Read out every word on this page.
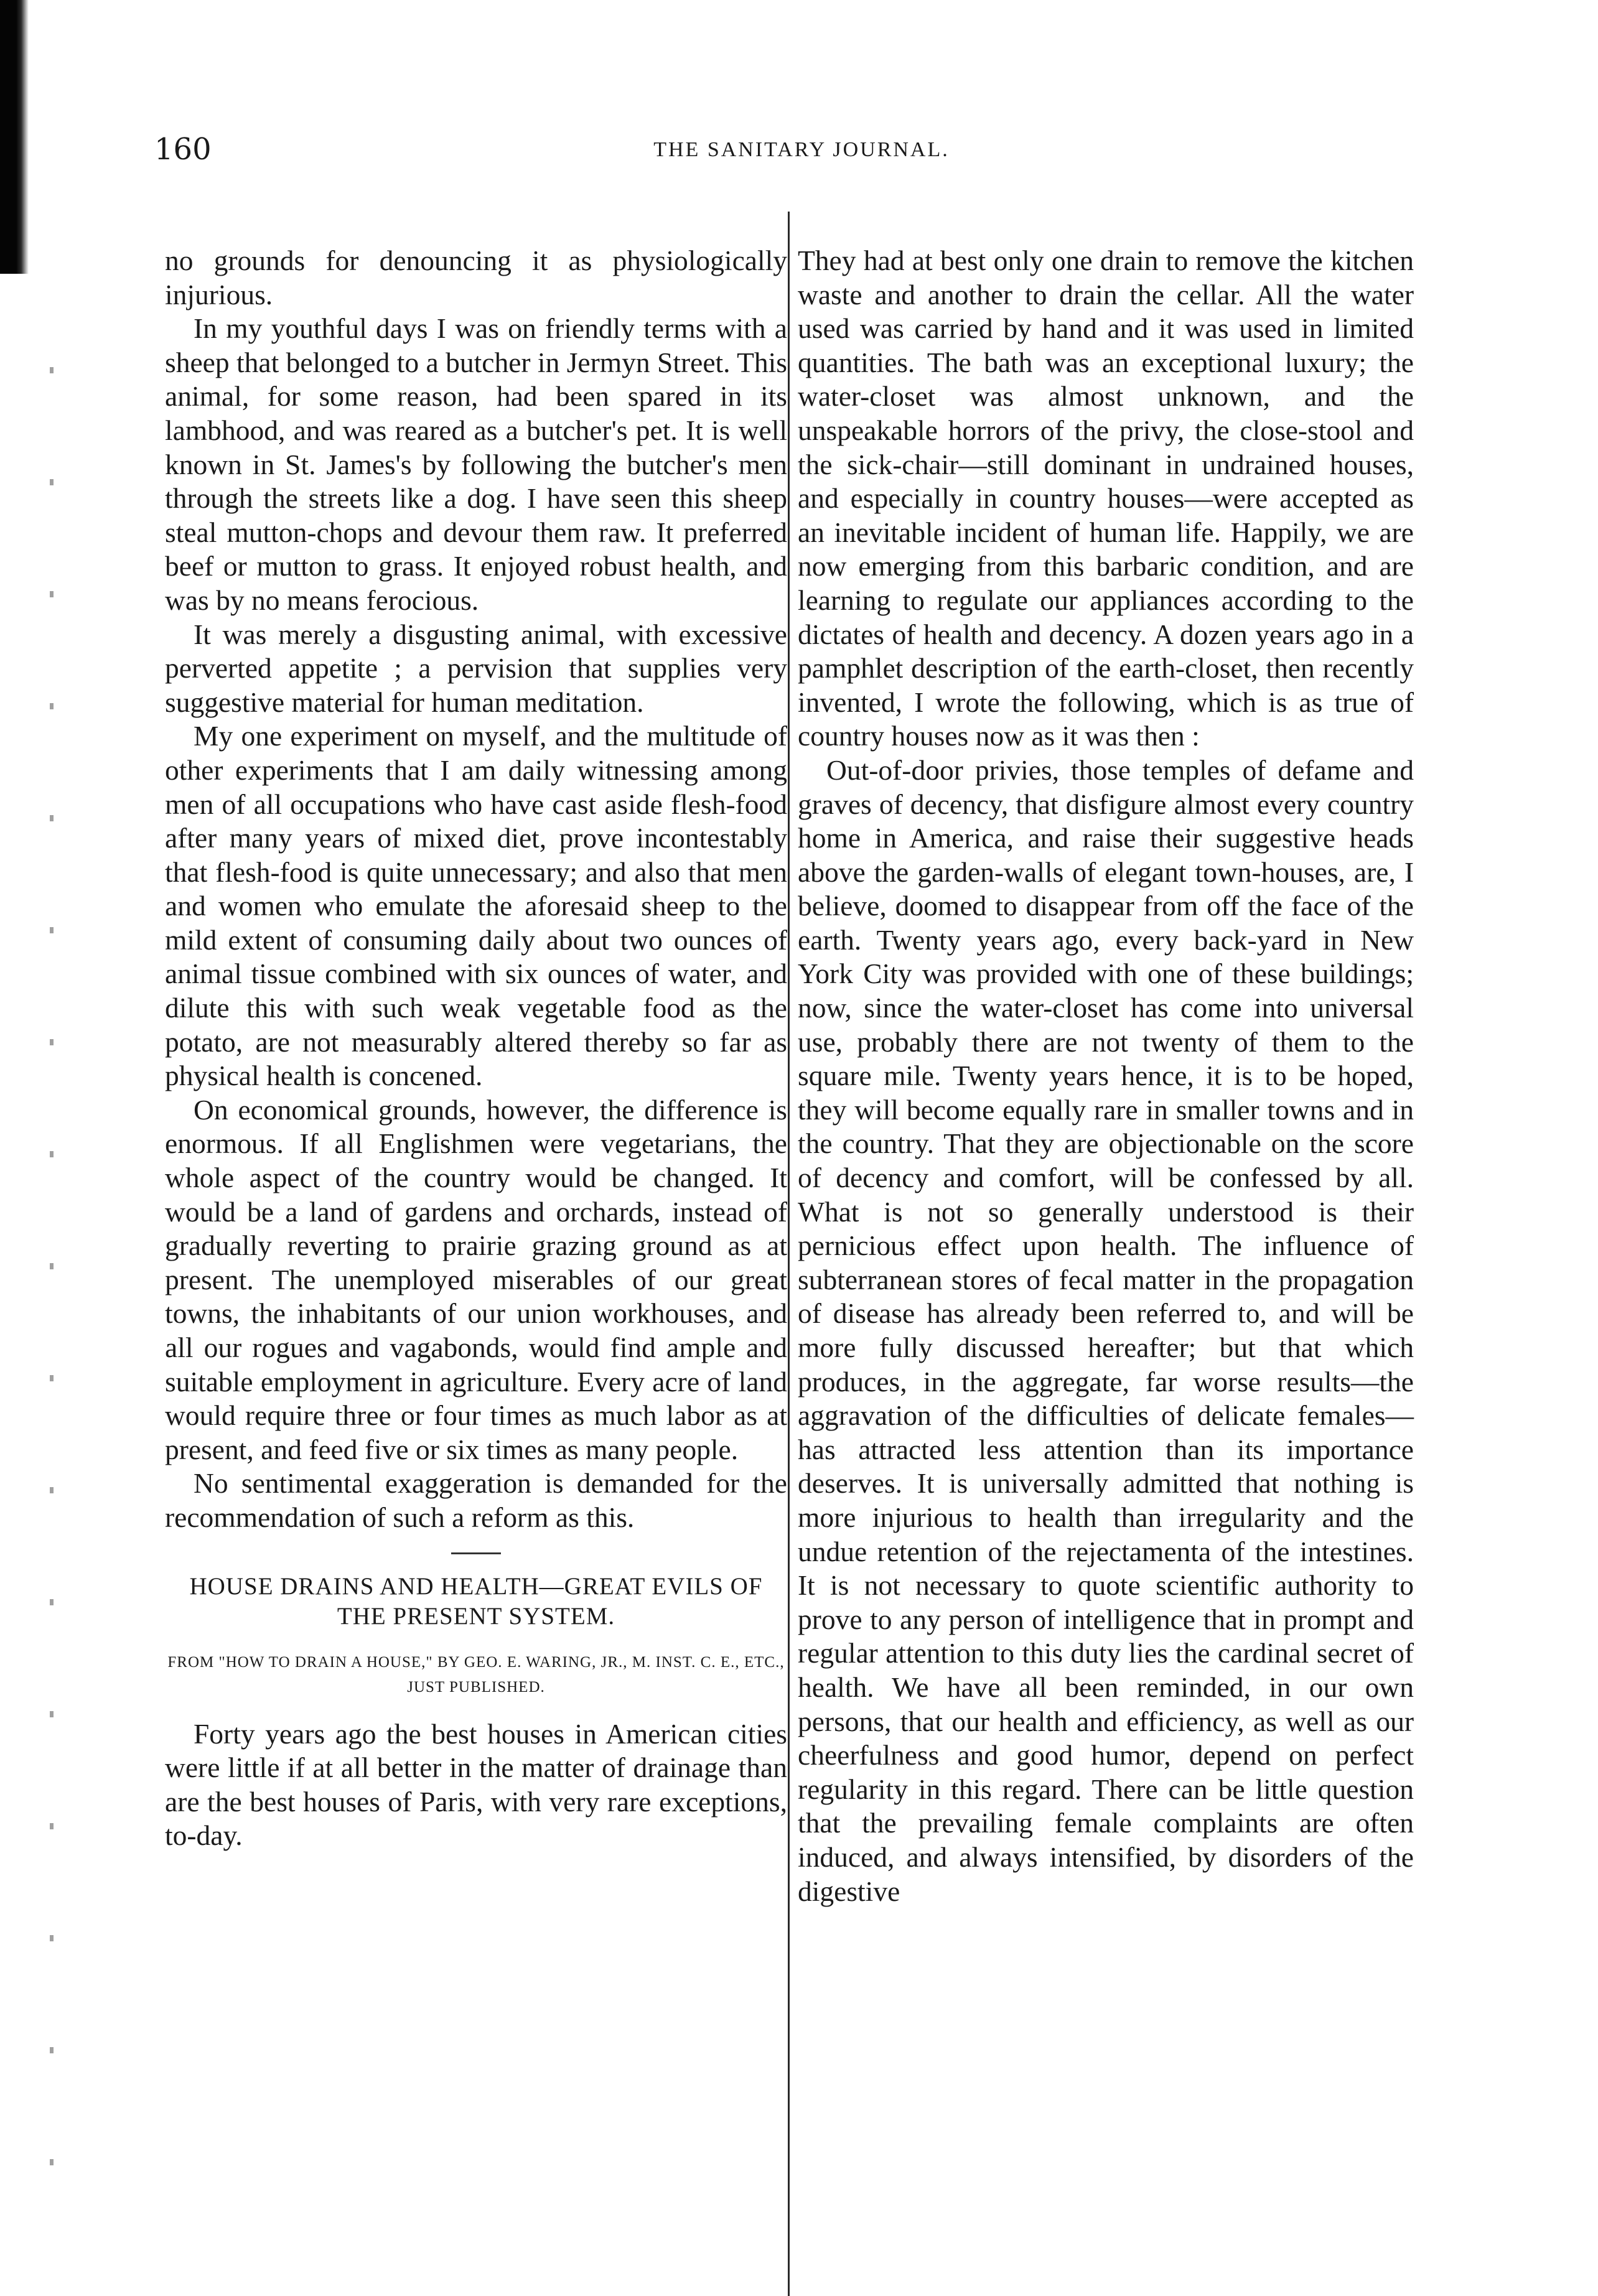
160	THE SANITARY JOURNAL.

no grounds for denouncing it as physiologically injurious.

In my youthful days I was on friendly terms with a sheep that belonged to a butcher in Jermyn Street. This animal, for some reason, had been spared in its lambhood, and was reared as a butcher's pet. It is well known in St. James's by following the butcher's men through the streets like a dog. I have seen this sheep steal mutton-chops and devour them raw. It preferred beef or mutton to grass. It enjoyed robust health, and was by no means ferocious.

It was merely a disgusting animal, with excessive perverted appetite ; a pervision that supplies very suggestive material for human meditation.

My one experiment on myself, and the multitude of other experiments that I am daily witnessing among men of all occupations who have cast aside flesh-food after many years of mixed diet, prove incontestably that flesh-food is quite unnecessary; and also that men and women who emulate the aforesaid sheep to the mild extent of consuming daily about two ounces of animal tissue combined with six ounces of water, and dilute this with such weak vegetable food as the potato, are not measurably altered thereby so far as physical health is concened.

On economical grounds, however, the difference is enormous. If all Englishmen were vegetarians, the whole aspect of the country would be changed. It would be a land of gardens and orchards, instead of gradually reverting to prairie grazing ground as at present. The unemployed miserables of our great towns, the inhabitants of our union workhouses, and all our rogues and vagabonds, would find ample and suitable employment in agriculture. Every acre of land would require three or four times as much labor as at present, and feed five or six times as many people.

No sentimental exaggeration is demanded for the recommendation of such a reform as this.

HOUSE DRAINS AND HEALTH—GREAT EVILS OF THE PRESENT SYSTEM.
FROM "HOW TO DRAIN A HOUSE," BY GEO. E. WARING, JR., M. INST. C. E., ETC., JUST PUBLISHED.

Forty years ago the best houses in American cities were little if at all better in the matter of drainage than are the best houses of Paris, with very rare exceptions, to-day.

They had at best only one drain to remove the kitchen waste and another to drain the cellar. All the water used was carried by hand and it was used in limited quantities. The bath was an exceptional luxury; the water-closet was almost unknown, and the unspeakable horrors of the privy, the close-stool and the sick-chair—still dominant in undrained houses, and especially in country houses—were accepted as an inevitable incident of human life. Happily, we are now emerging from this barbaric condition, and are learning to regulate our appliances according to the dictates of health and decency. A dozen years ago in a pamphlet description of the earth-closet, then recently invented, I wrote the following, which is as true of country houses now as it was then :

Out-of-door privies, those temples of defame and graves of decency, that disfigure almost every country home in America, and raise their suggestive heads above the garden-walls of elegant town-houses, are, I believe, doomed to disappear from off the face of the earth. Twenty years ago, every back-yard in New York City was provided with one of these buildings; now, since the water-closet has come into universal use, probably there are not twenty of them to the square mile. Twenty years hence, it is to be hoped, they will become equally rare in smaller towns and in the country. That they are objectionable on the score of decency and comfort, will be confessed by all. What is not so generally understood is their pernicious effect upon health. The influence of subterranean stores of fecal matter in the propagation of disease has already been referred to, and will be more fully discussed hereafter; but that which produces, in the aggregate, far worse results—the aggravation of the difficulties of delicate females—has attracted less attention than its importance deserves. It is universally admitted that nothing is more injurious to health than irregularity and the undue retention of the rejectamenta of the intestines. It is not necessary to quote scientific authority to prove to any person of intelligence that in prompt and regular attention to this duty lies the cardinal secret of health. We have all been reminded, in our own persons, that our health and efficiency, as well as our cheerfulness and good humor, depend on perfect regularity in this regard. There can be little question that the prevailing female complaints are often induced, and always intensified, by disorders of the digestive
